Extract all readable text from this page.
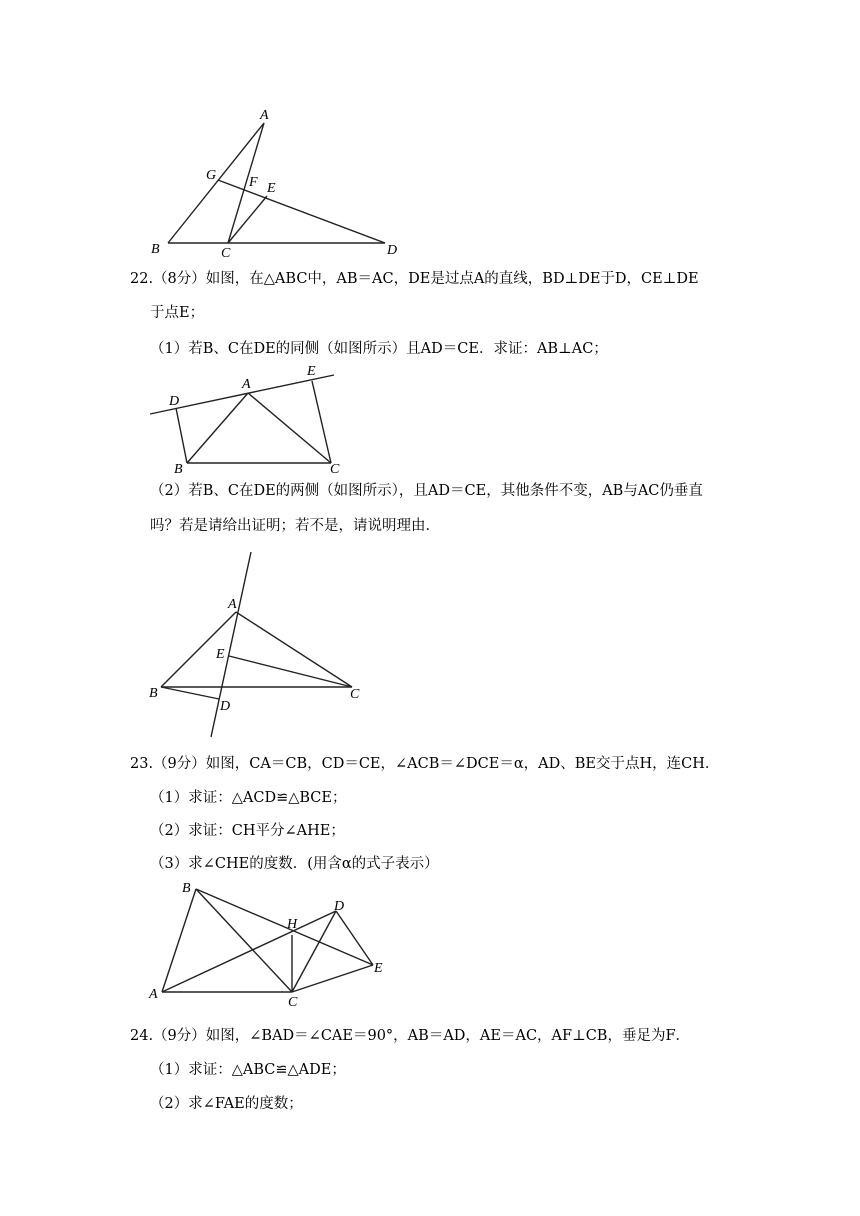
A
G F E
B	C	D
22.（8分）如图，在△ABC中，AB＝AC，DE是过点A的直线，BD⊥DE于D，CE⊥DE
于点E；
（1）若B、C在DE的同侧（如图所示）且AD＝CE．求证：AB⊥AC；
D
A
E
B	C
（2）若B、C在DE的两侧（如图所示），且AD＝CE，其他条件不变，AB与AC仍垂直
吗？若是请给出证明；若不是，请说明理由．
A
E
B	C
D
23.（9分）如图，CA＝CB，CD＝CE，∠ACB＝∠DCE＝α，AD、BE交于点H，连CH．
（1）求证：△ACD≌△BCE；
（2）求证：CH平分∠AHE；
（3）求∠CHE的度数．(用含α的式子表示）
B
H
D
E
A
C
24.（9分）如图，∠BAD＝∠CAE＝90°，AB＝AD，AE＝AC，AF⊥CB，垂足为F．
（1）求证：△ABC≌△ADE；
（2）求∠FAE的度数；
